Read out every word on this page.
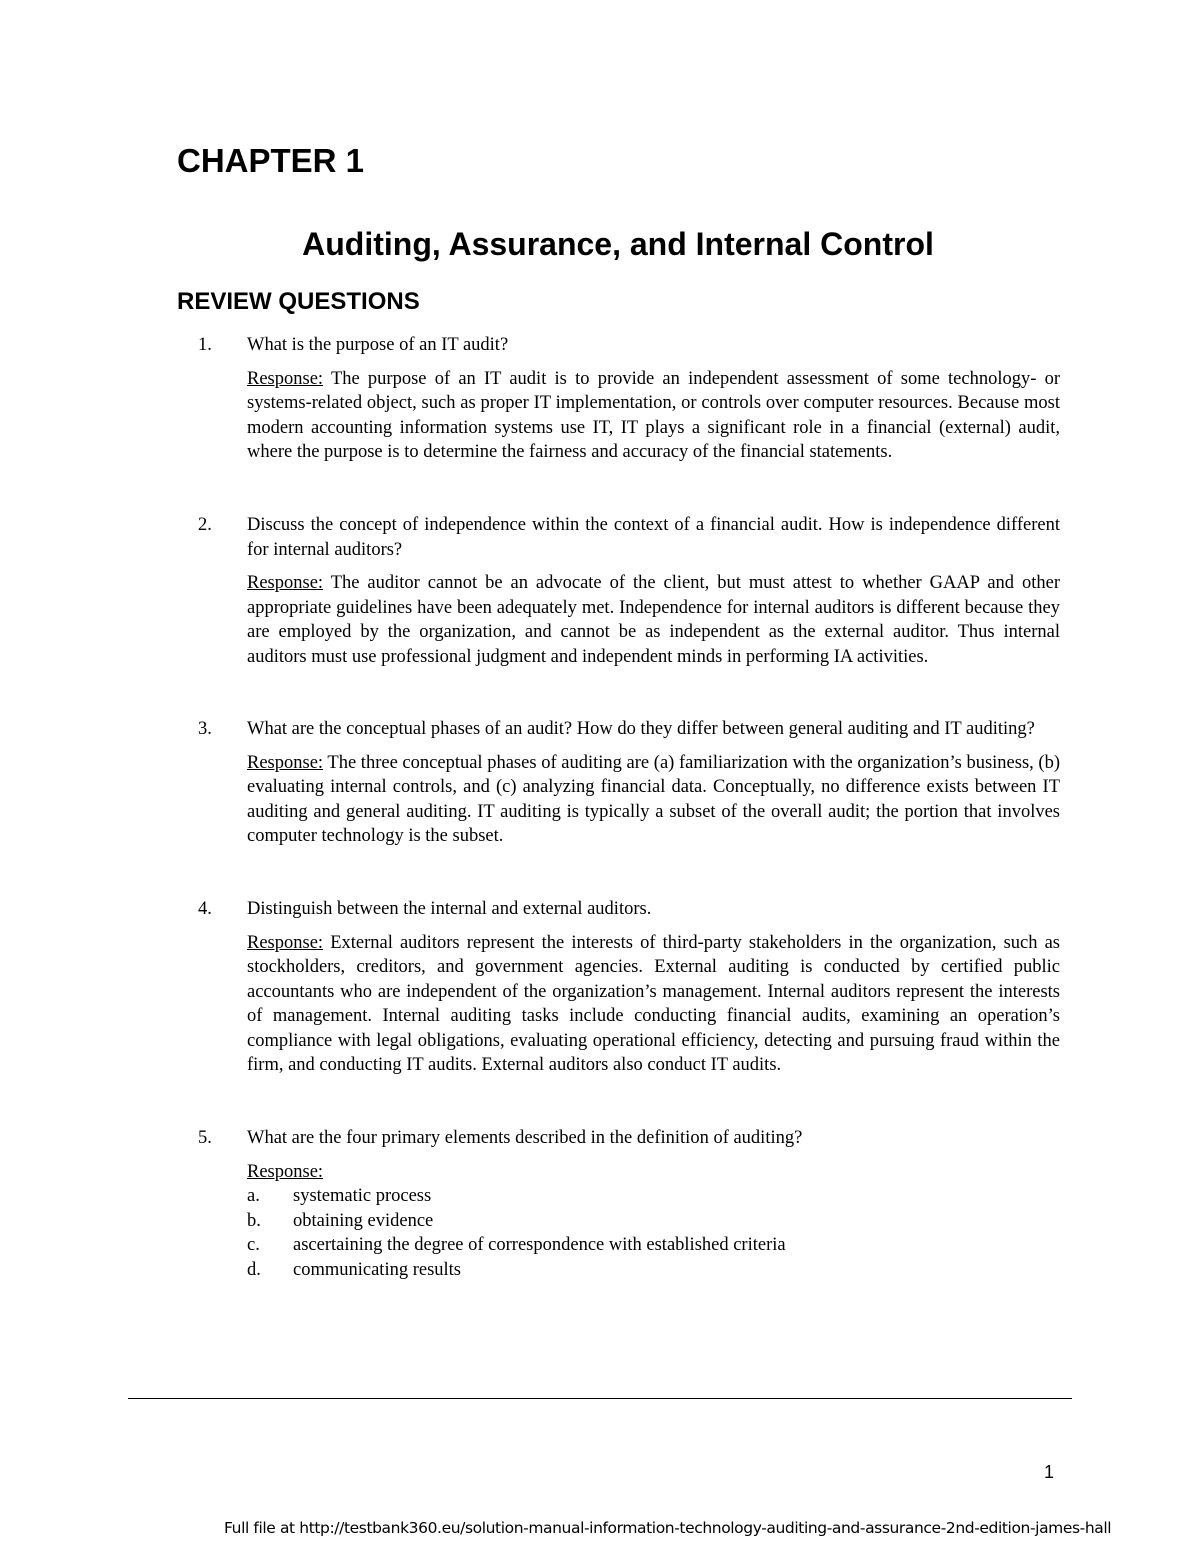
CHAPTER 1
Auditing, Assurance, and Internal Control
REVIEW QUESTIONS
1.	What is the purpose of an IT audit?
Response: The purpose of an IT audit is to provide an independent assessment of some technology- or systems-related object, such as proper IT implementation, or controls over computer resources. Because most modern accounting information systems use IT, IT plays a significant role in a financial (external) audit, where the purpose is to determine the fairness and accuracy of the financial statements.
2.	Discuss the concept of independence within the context of a financial audit. How is independence different for internal auditors?
Response: The auditor cannot be an advocate of the client, but must attest to whether GAAP and other appropriate guidelines have been adequately met. Independence for internal auditors is different because they are employed by the organization, and cannot be as independent as the external auditor. Thus internal auditors must use professional judgment and independent minds in performing IA activities.
3.	What are the conceptual phases of an audit? How do they differ between general auditing and IT auditing?
Response: The three conceptual phases of auditing are (a) familiarization with the organization’s business, (b) evaluating internal controls, and (c) analyzing financial data. Conceptually, no difference exists between IT auditing and general auditing. IT auditing is typically a subset of the overall audit; the portion that involves computer technology is the subset.
4.	Distinguish between the internal and external auditors.
Response: External auditors represent the interests of third-party stakeholders in the organization, such as stockholders, creditors, and government agencies. External auditing is conducted by certified public accountants who are independent of the organization’s management. Internal auditors represent the interests of management. Internal auditing tasks include conducting financial audits, examining an operation’s compliance with legal obligations, evaluating operational efficiency, detecting and pursuing fraud within the firm, and conducting IT audits. External auditors also conduct IT audits.
5.	What are the four primary elements described in the definition of auditing?
Response:
a. systematic process
b. obtaining evidence
c. ascertaining the degree of correspondence with established criteria
d. communicating results
1
Full file at http://testbank360.eu/solution-manual-information-technology-auditing-and-assurance-2nd-edition-james-hall
